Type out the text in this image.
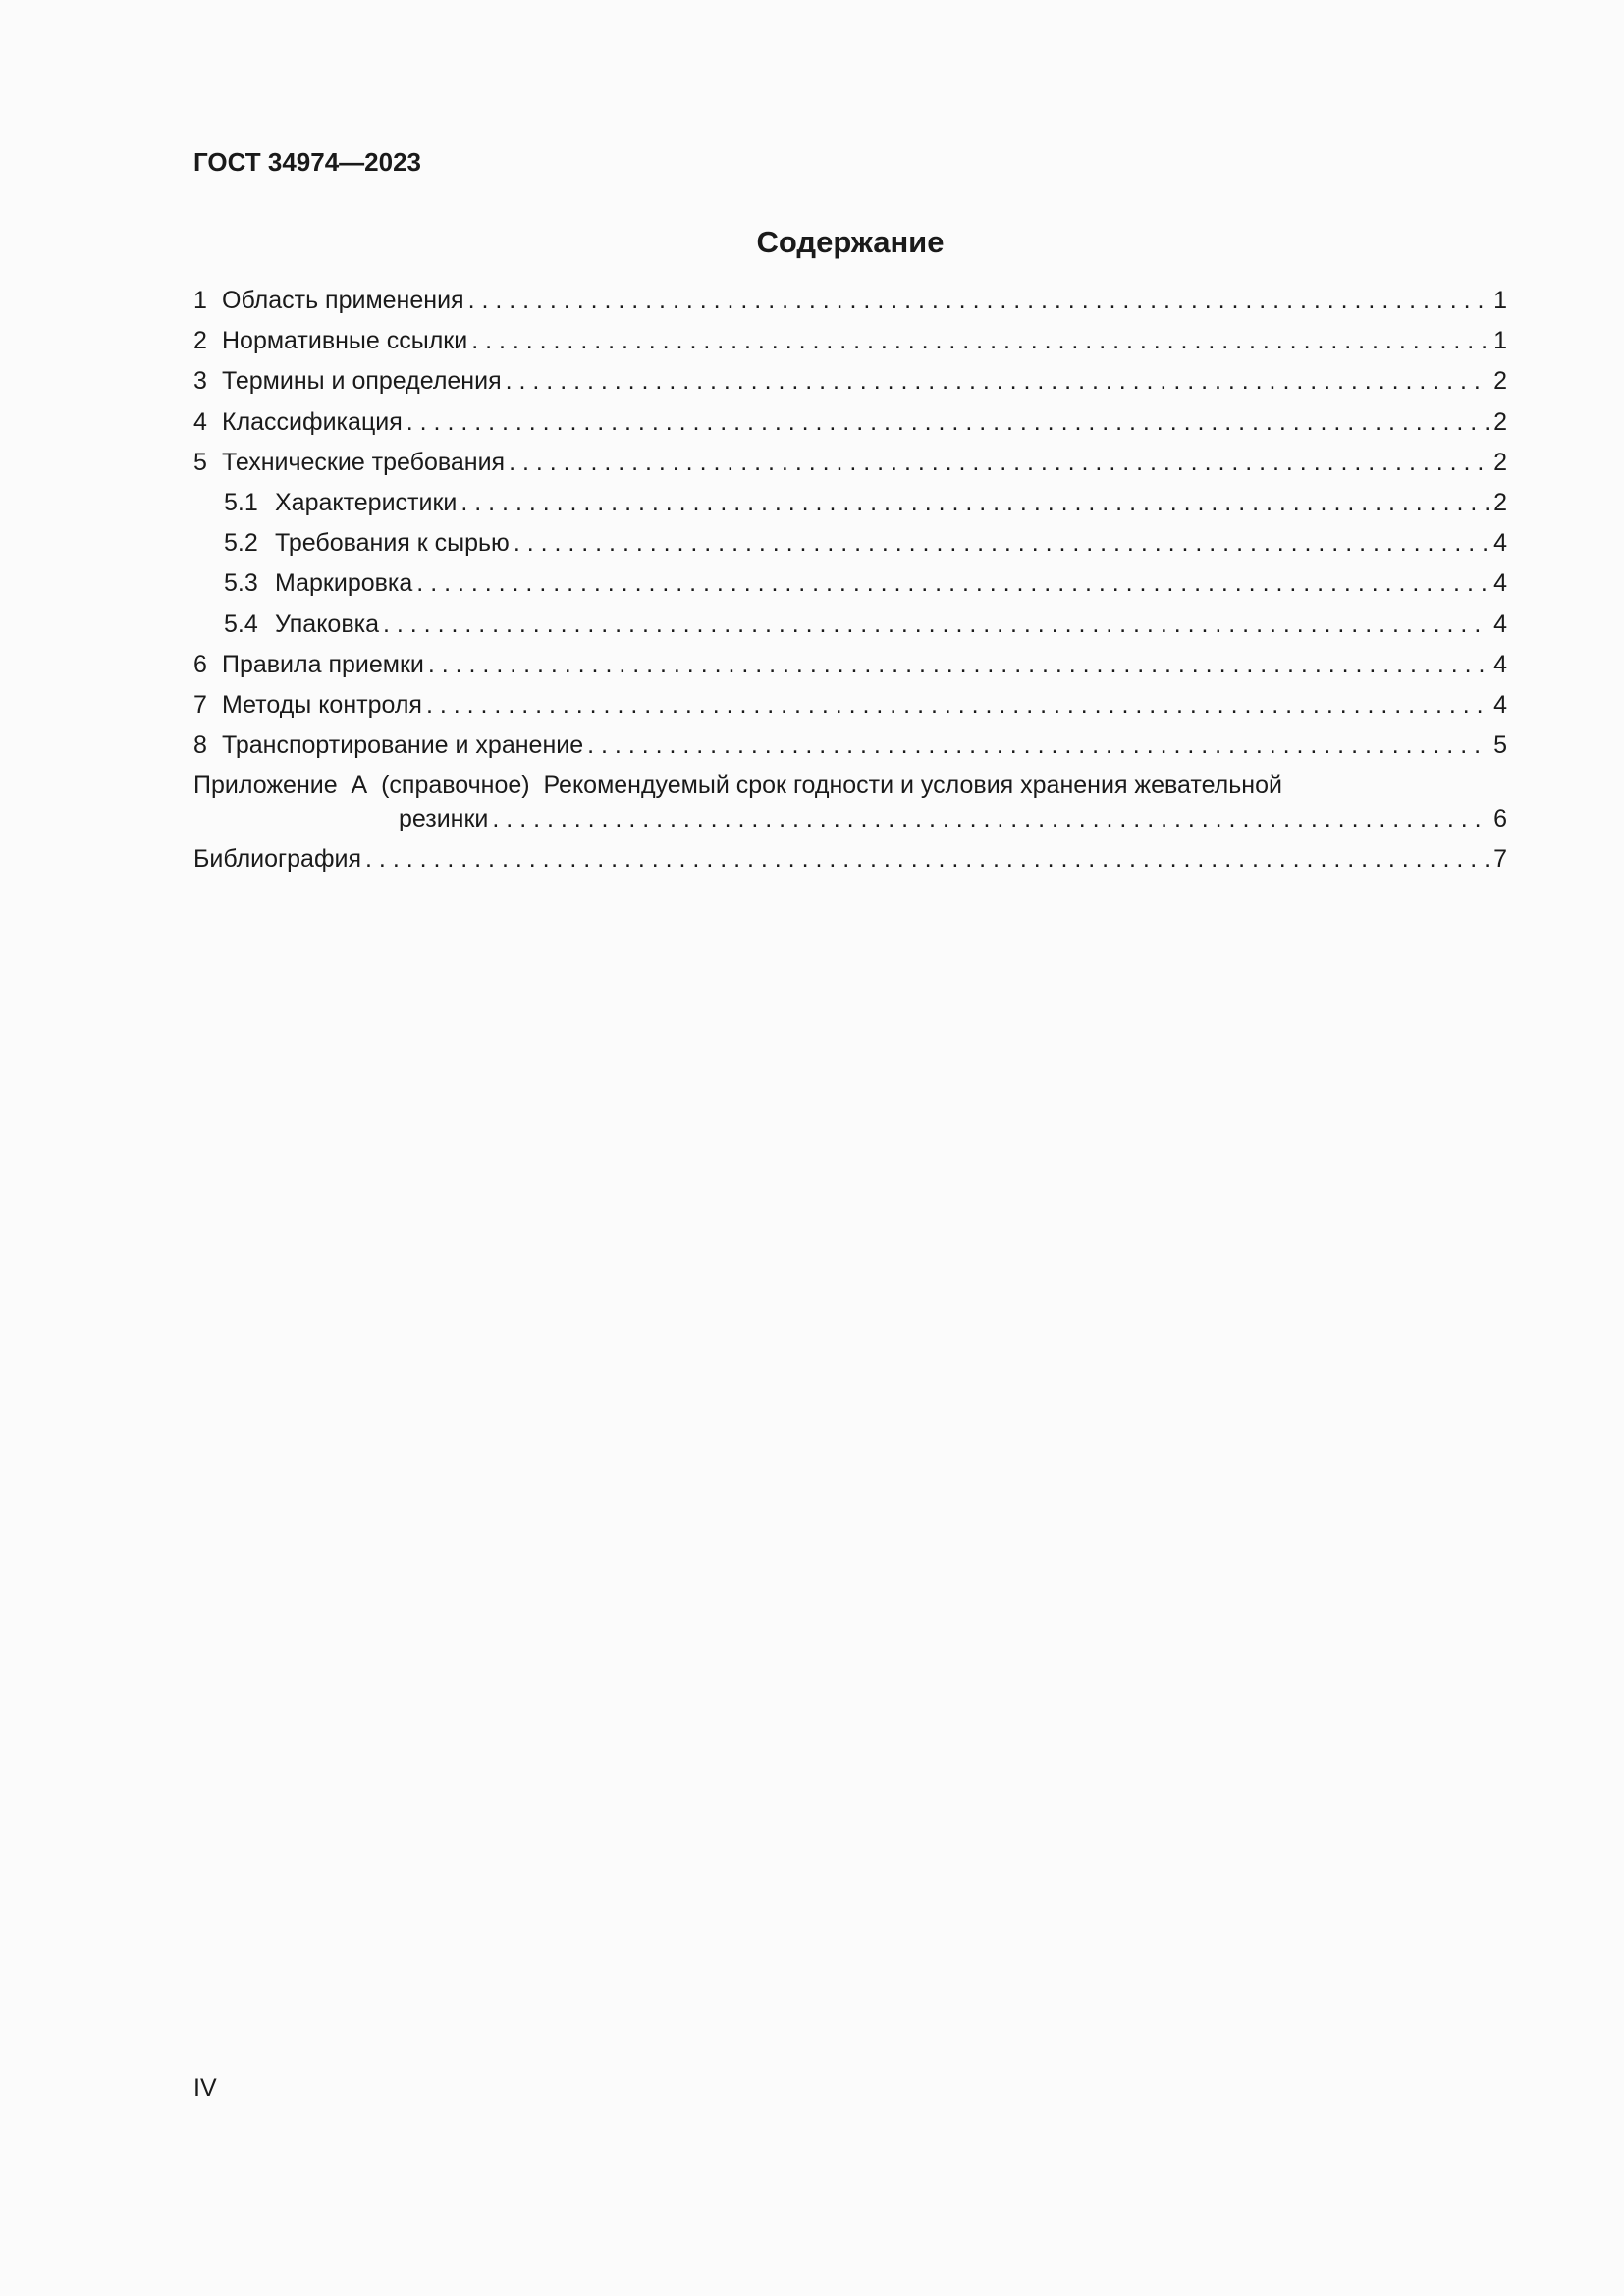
ГОСТ 34974—2023
Содержание
1 Область применения . . .	1
2 Нормативные ссылки . . .	1
3 Термины и определения . . .	2
4 Классификация . . .	2
5 Технические требования . . .	2
5.1 Характеристики . . .	2
5.2 Требования к сырью . . .	4
5.3 Маркировка . . .	4
5.4 Упаковка . . .	4
6 Правила приемки . . .	4
7 Методы контроля . . .	4
8 Транспортирование и хранение . . .	5
Приложение  А  (справочное)  Рекомендуемый срок годности и условия хранения жевательной
резинки . . .	6
Библиография . . .	7
IV
